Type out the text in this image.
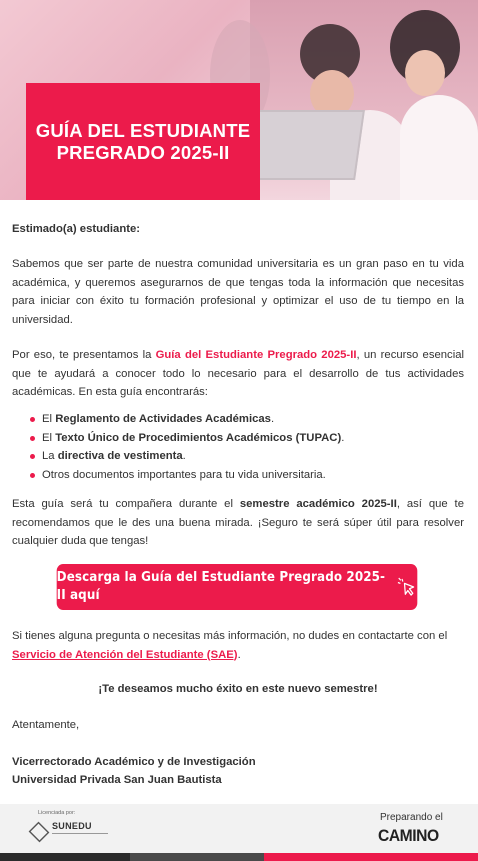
GUÍA DEL ESTUDIANTE
PREGRADO 2025-II
Estimado(a) estudiante:

Sabemos que ser parte de nuestra comunidad universitaria es un gran paso en tu vida académica, y queremos asegurarnos de que tengas toda la información que necesitas para iniciar con éxito tu formación profesional y optimizar el uso de tu tiempo en la universidad.

Por eso, te presentamos la Guía del Estudiante Pregrado 2025-II, un recurso esencial que te ayudará a conocer todo lo necesario para el desarrollo de tus actividades académicas. En esta guía encontrarás:

El Reglamento de Actividades Académicas.
El Texto Único de Procedimientos Académicos (TUPAC).
La directiva de vestimenta.
Otros documentos importantes para tu vida universitaria.

Esta guía será tu compañera durante el semestre académico 2025-II, así que te recomendamos que le des una buena mirada. ¡Seguro te será súper útil para resolver cualquier duda que tengas!

Descarga la Guía del Estudiante Pregrado 2025-II aquí

Si tienes alguna pregunta o necesitas más información, no dudes en contactarte con el Servicio de Atención del Estudiante (SAE).

¡Te deseamos mucho éxito en este nuevo semestre!

Atentamente,
Vicerrectorado Académico y de Investigación
Universidad Privada San Juan Bautista
Licenciada por:
SUNEDU
Preparando el
CAMINO
